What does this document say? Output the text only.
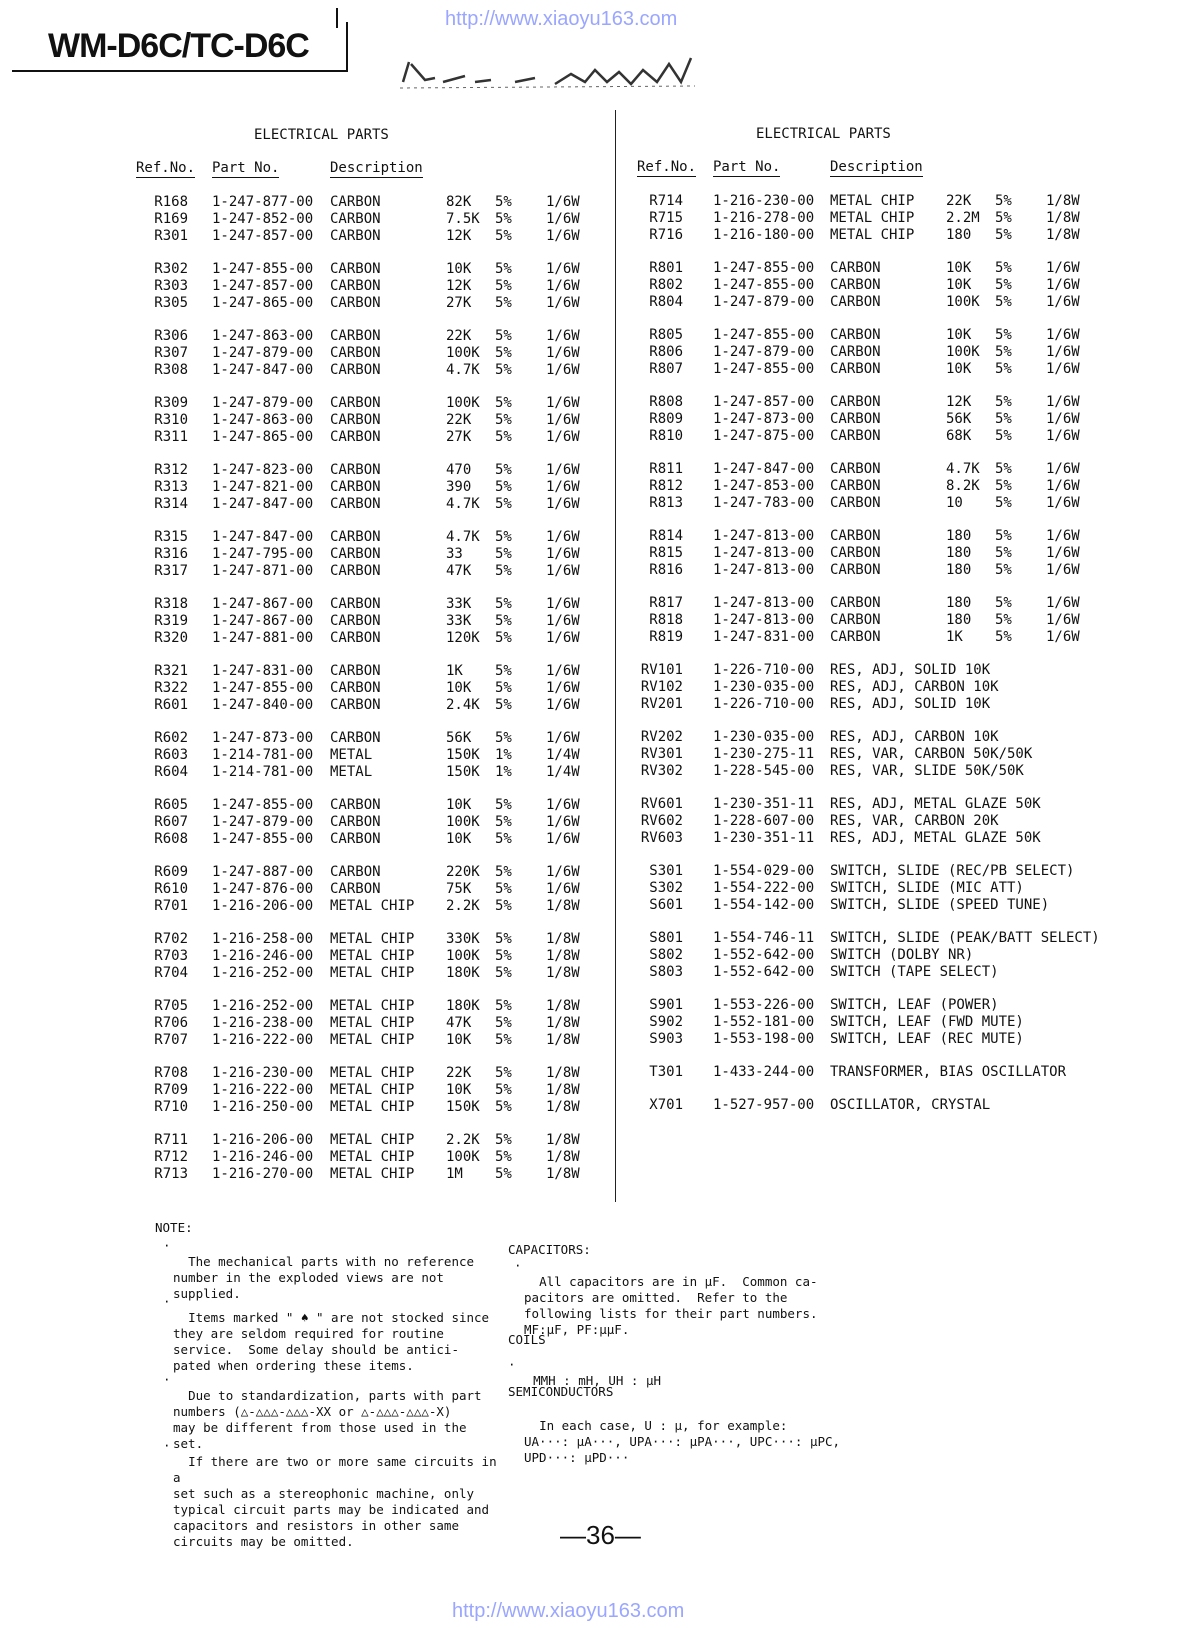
WM-D6C/TC-D6C
http://www.xiaoyu163.com
ELECTRICAL PARTS
Ref.No. Part No.	Description
ELECTRICAL PARTS
Ref.No. Part No.	Description
R168 1-247-877-00 CARBON	82K 5% 1/6W
R169 1-247-852-00 CARBON	7.5K 5% 1/6W
R301 1-247-857-00 CARBON	12K 5% 1/6W
R302 1-247-855-00 CARBON	10K 5% 1/6W
R303 1-247-857-00 CARBON	12K 5% 1/6W
R305 1-247-865-00 CARBON	27K 5% 1/6W
R306 1-247-863-00 CARBON	22K 5% 1/6W
R307 1-247-879-00 CARBON	100K 5% 1/6W
R308 1-247-847-00 CARBON	4.7K 5% 1/6W
R309 1-247-879-00 CARBON	100K 5% 1/6W
R310 1-247-863-00 CARBON	22K 5% 1/6W
R311 1-247-865-00 CARBON	27K 5% 1/6W
R312 1-247-823-00 CARBON	470 5% 1/6W
R313 1-247-821-00 CARBON	390 5% 1/6W
R314 1-247-847-00 CARBON	4.7K 5% 1/6W
R315 1-247-847-00 CARBON	4.7K 5% 1/6W
R316 1-247-795-00 CARBON	33 5% 1/6W
R317 1-247-871-00 CARBON	47K 5% 1/6W
R318 1-247-867-00 CARBON	33K 5% 1/6W
R319 1-247-867-00 CARBON	33K 5% 1/6W
R320 1-247-881-00 CARBON	120K 5% 1/6W
R321 1-247-831-00 CARBON	1K 5% 1/6W
R322 1-247-855-00 CARBON	10K 5% 1/6W
R601 1-247-840-00 CARBON	2.4K 5% 1/6W
R602 1-247-873-00 CARBON	56K 5% 1/6W
R603 1-214-781-00 METAL	150K 1% 1/4W
R604 1-214-781-00 METAL	150K 1% 1/4W
R605 1-247-855-00 CARBON	10K 5% 1/6W
R607 1-247-879-00 CARBON	100K 5% 1/6W
R608 1-247-855-00 CARBON	10K 5% 1/6W
R609 1-247-887-00 CARBON	220K 5% 1/6W
R610 1-247-876-00 CARBON	75K 5% 1/6W
R701 1-216-206-00 METAL CHIP 2.2K 5% 1/8W
R702 1-216-258-00 METAL CHIP 330K 5% 1/8W
R703 1-216-246-00 METAL CHIP 100K 5% 1/8W
R704 1-216-252-00 METAL CHIP 180K 5% 1/8W
R705 1-216-252-00 METAL CHIP 180K 5% 1/8W
R706 1-216-238-00 METAL CHIP 47K 5% 1/8W
R707 1-216-222-00 METAL CHIP 10K 5% 1/8W
R708 1-216-230-00 METAL CHIP 22K 5% 1/8W
R709 1-216-222-00 METAL CHIP 10K 5% 1/8W
R710 1-216-250-00 METAL CHIP 150K 5% 1/8W
R711 1-216-206-00 METAL CHIP 2.2K 5% 1/8W
R712 1-216-246-00 METAL CHIP 100K 5% 1/8W
R713 1-216-270-00 METAL CHIP 1M 5% 1/8W
R714 1-216-230-00 METAL CHIP 22K 5% 1/8W
R715 1-216-278-00 METAL CHIP 2.2M 5% 1/8W
R716 1-216-180-00 METAL CHIP 180 5% 1/8W
R801 1-247-855-00 CARBON	10K 5% 1/6W
R802 1-247-855-00 CARBON	10K 5% 1/6W
R804 1-247-879-00 CARBON	100K 5% 1/6W
R805 1-247-855-00 CARBON	10K 5% 1/6W
R806 1-247-879-00 CARBON	100K 5% 1/6W
R807 1-247-855-00 CARBON	10K 5% 1/6W
R808 1-247-857-00 CARBON	12K 5% 1/6W
R809 1-247-873-00 CARBON	56K 5% 1/6W
R810 1-247-875-00 CARBON	68K 5% 1/6W
R811 1-247-847-00 CARBON	4.7K 5% 1/6W
R812 1-247-853-00 CARBON	8.2K 5% 1/6W
R813 1-247-783-00 CARBON	10 5% 1/6W
R814 1-247-813-00 CARBON	180 5% 1/6W
R815 1-247-813-00 CARBON	180 5% 1/6W
R816 1-247-813-00 CARBON	180 5% 1/6W
R817 1-247-813-00 CARBON	180 5% 1/6W
R818 1-247-813-00 CARBON	180 5% 1/6W
R819 1-247-831-00 CARBON	1K 5% 1/6W
RV101 1-226-710-00 RES, ADJ, SOLID 10K
RV102 1-230-035-00 RES, ADJ, CARBON 10K
RV201 1-226-710-00 RES, ADJ, SOLID 10K
RV202 1-230-035-00 RES, ADJ, CARBON 10K
RV301 1-230-275-11 RES, VAR, CARBON 50K/50K
RV302 1-228-545-00 RES, VAR, SLIDE 50K/50K
RV601 1-230-351-11 RES, ADJ, METAL GLAZE 50K
RV602 1-228-607-00 RES, VAR, CARBON 20K
RV603 1-230-351-11 RES, ADJ, METAL GLAZE 50K
S301 1-554-029-00 SWITCH, SLIDE (REC/PB SELECT)
S302 1-554-222-00 SWITCH, SLIDE (MIC ATT)
S601 1-554-142-00 SWITCH, SLIDE (SPEED TUNE)
S801 1-554-746-11 SWITCH, SLIDE (PEAK/BATT SELECT)
S802 1-552-642-00 SWITCH (DOLBY NR)
S803 1-552-642-00 SWITCH (TAPE SELECT)
S901 1-553-226-00 SWITCH, LEAF (POWER)
S902 1-552-181-00 SWITCH, LEAF (FWD MUTE)
S903 1-553-198-00 SWITCH, LEAF (REC MUTE)
T301 1-433-244-00 TRANSFORMER, BIAS OSCILLATOR
X701 1-527-957-00 OSCILLATOR, CRYSTAL
NOTE:

·
The mechanical parts with no reference
number in the exploded views are not
supplied.

·
Items marked " ♠ " are not stocked since
they are seldom required for routine
service.  Some delay should be antici-
pated when ordering these items.

·
Due to standardization, parts with part
numbers (△-△△△-△△△-XX or △-△△△-△△△-X)
may be different from those used in the
set.

·
If there are two or more same circuits in a
set such as a stereophonic machine, only
typical circuit parts may be indicated and
capacitors and resistors in other same
circuits may be omitted.

CAPACITORS:

·
All capacitors are in µF.  Common ca-
pacitors are omitted.  Refer to the
following lists for their part numbers.
MF:µF, PF:µµF.

COILS

·
MMH : mH, UH : µH

SEMICONDUCTORS

In each case, U : µ, for example:
UA···: µA···, UPA···: µPA···, UPC···: µPC,
UPD···: µPD···

—36—
http://www.xiaoyu163.com
